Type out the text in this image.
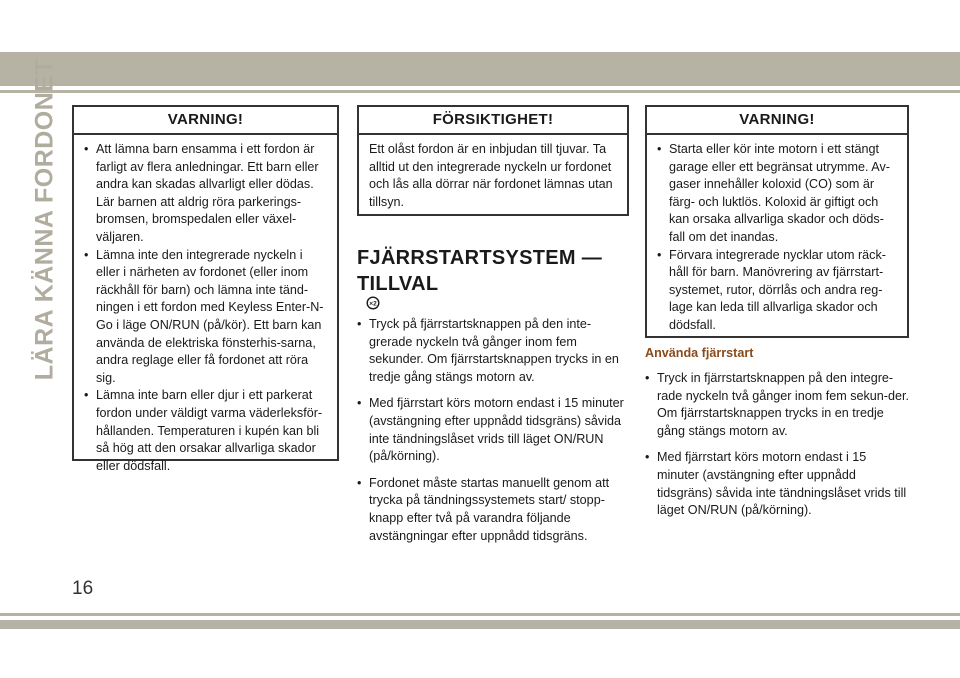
LÄRA KÄNNA FORDONET	VARNING!
• Att lämna barn ensamma i ett fordon är farligt av flera anledningar. Ett barn eller andra kan skadas allvarligt eller dödas. Lär barnen att aldrig röra parkerings-bromsen, bromspedalen eller växel-väljaren.
• Lämna inte den integrerade nyckeln i eller i närheten av fordonet (eller inom räckhåll för barn) och lämna inte tänd-ningen i ett fordon med Keyless Enter-N-Go i läge ON/RUN (på/kör). Ett barn kan använda de elektriska fönsterhis-sarna, andra reglage eller få fordonet att röra sig.
• Lämna inte barn eller djur i ett parkerat fordon under väldigt varma väderleksför-hållanden. Temperaturen i kupén kan bli så hög att den orsakar allvarliga skador eller dödsfall.
FÖRSIKTIGHET!

Ett olåst fordon är en inbjudan till tjuvar. Ta alltid ut den integrerade nyckeln ur fordonet och lås alla dörrar när fordonet lämnas utan tillsyn.

FJÄRRSTARTSYSTEM — TILLVAL
×2
• Tryck på fjärrstartsknappen på den inte-grerade nyckeln två gånger inom fem sekunder. Om fjärrstartsknappen trycks in en tredje gång stängs motorn av.
• Med fjärrstart körs motorn endast i 15 minuter (avstängning efter uppnådd tidsgräns) såvida inte tändningslåset vrids till läget ON/RUN (på/körning).
• Fordonet måste startas manuellt genom att trycka på tändningssystemets start/ stopp-knapp efter två på varandra följande avstängningar efter uppnådd tidsgräns.
VARNING!
• Starta eller kör inte motorn i ett stängt garage eller ett begränsat utrymme. Av-gaser innehåller koloxid (CO) som är färg- och luktlös. Koloxid är giftigt och kan orsaka allvarliga skador och döds-fall om det inandas.
• Förvara integrerade nycklar utom räck-håll för barn. Manövrering av fjärrstart-systemet, rutor, dörrlås och andra reg-lage kan leda till allvarliga skador och dödsfall.
Använda fjärrstart
• Tryck in fjärrstartsknappen på den integre-rade nyckeln två gånger inom fem sekun-der. Om fjärrstartsknappen trycks in en tredje gång stängs motorn av.
• Med fjärrstart körs motorn endast i 15 minuter (avstängning efter uppnådd tidsgräns) såvida inte tändningslåset vrids till läget ON/RUN (på/körning).
16
